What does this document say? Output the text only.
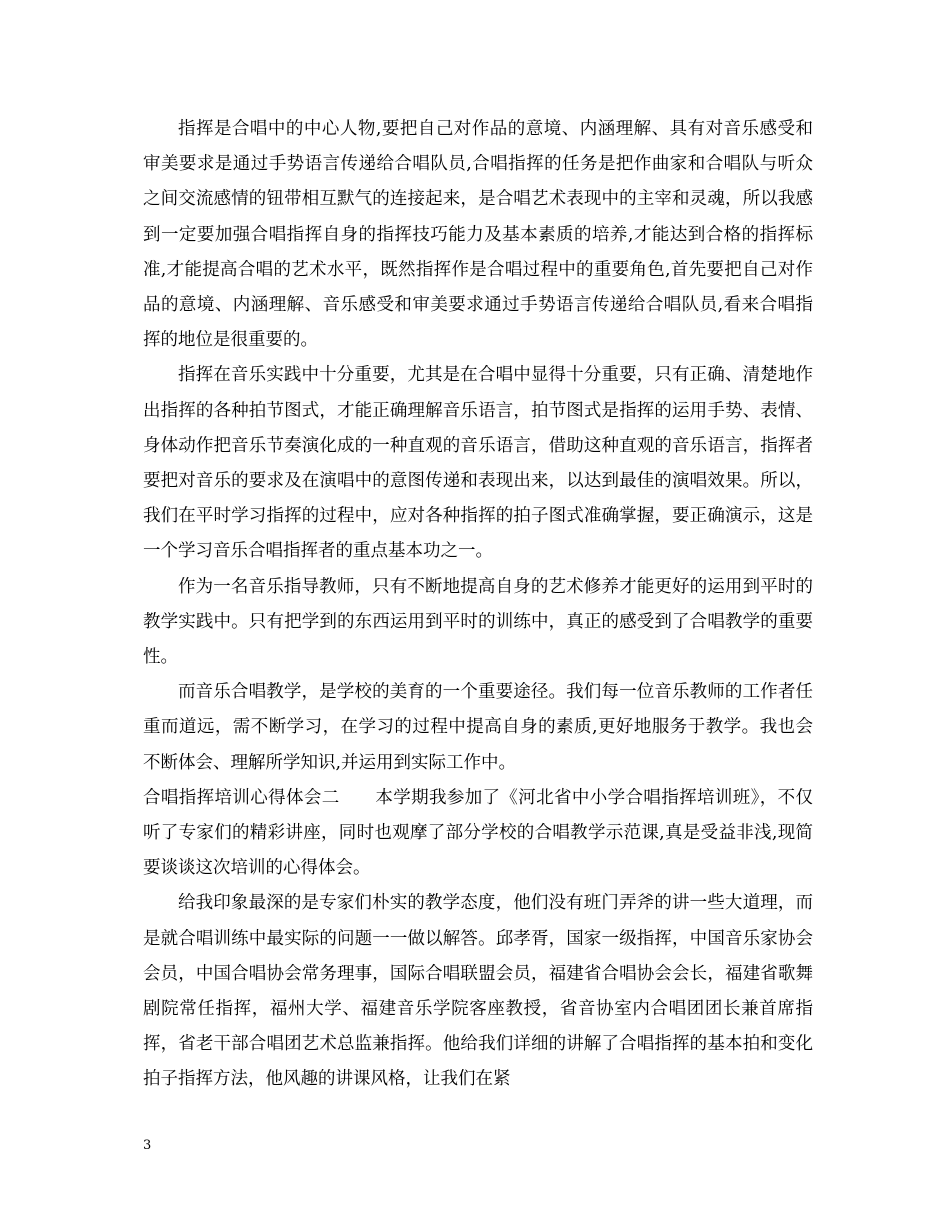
指挥是合唱中的中心人物,要把自己对作品的意境、内涵理解、具有对音乐感受和审美要求是通过手势语言传递给合唱队员,合唱指挥的任务是把作曲家和合唱队与听众之间交流感情的钮带相互默气的连接起来，是合唱艺术表现中的主宰和灵魂，所以我感到一定要加强合唱指挥自身的指挥技巧能力及基本素质的培养,才能达到合格的指挥标准,才能提高合唱的艺术水平，既然指挥作是合唱过程中的重要角色,首先要把自己对作品的意境、内涵理解、音乐感受和审美要求通过手势语言传递给合唱队员,看来合唱指挥的地位是很重要的。

指挥在音乐实践中十分重要，尤其是在合唱中显得十分重要，只有正确、清楚地作出指挥的各种拍节图式，才能正确理解音乐语言，拍节图式是指挥的运用手势、表情、身体动作把音乐节奏演化成的一种直观的音乐语言，借助这种直观的音乐语言，指挥者要把对音乐的要求及在演唱中的意图传递和表现出来，以达到最佳的演唱效果。所以，我们在平时学习指挥的过程中，应对各种指挥的拍子图式准确掌握，要正确演示，这是一个学习音乐合唱指挥者的重点基本功之一。

作为一名音乐指导教师，只有不断地提高自身的艺术修养才能更好的运用到平时的教学实践中。只有把学到的东西运用到平时的训练中，真正的感受到了合唱教学的重要性。

而音乐合唱教学，是学校的美育的一个重要途径。我们每一位音乐教师的工作者任重而道远，需不断学习，在学习的过程中提高自身的素质,更好地服务于教学。我也会不断体会、理解所学知识,并运用到实际工作中。

合唱指挥培训心得体会二　　本学期我参加了《河北省中小学合唱指挥培训班》，不仅听了专家们的精彩讲座，同时也观摩了部分学校的合唱教学示范课,真是受益非浅,现简要谈谈这次培训的心得体会。

给我印象最深的是专家们朴实的教学态度，他们没有班门弄斧的讲一些大道理，而是就合唱训练中最实际的问题一一做以解答。邱孝胥，国家一级指挥，中国音乐家协会会员，中国合唱协会常务理事，国际合唱联盟会员，福建省合唱协会会长，福建省歌舞剧院常任指挥，福州大学、福建音乐学院客座教授，省音协室内合唱团团长兼首席指挥，省老干部合唱团艺术总监兼指挥。他给我们详细的讲解了合唱指挥的基本拍和变化拍子指挥方法，他风趣的讲课风格，让我们在紧

3
